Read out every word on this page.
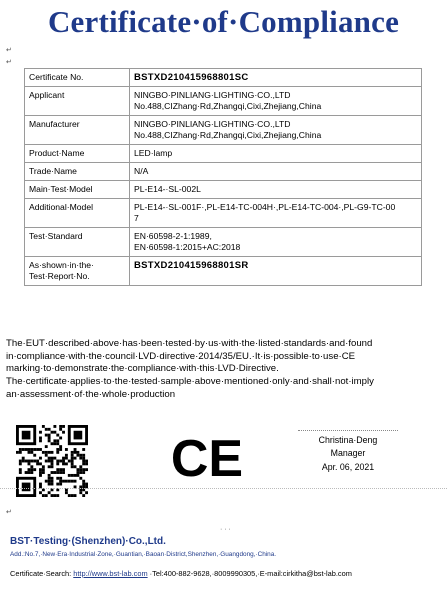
Certificate·of·Compliance
↵
↵
Certificate No.	BSTXD210415968801SC
Applicant	NINGBO·PINLIANG·LIGHTING·CO.,LTD
No.488,CIZhang·Rd,Zhangqi,Cixi,Zhejiang,China

Manufacturer	NINGBO·PINLIANG·LIGHTING·CO.,LTD
No.488,CIZhang·Rd,Zhangqi,Cixi,Zhejiang,China

Product·Name	LED·lamp
Trade·Name	N/A
Main·Test·Model	PL-E14-·SL-002L
Additional·Model	PL-E14-·SL-001F·,PL-E14-TC-004H·,PL-E14-TC-004·,PL-G9-TC-00
7

Test·Standard	EN·60598-2-1:1989,
EN·60598-1:2015+AC:2018

As·shown·in·the· Test·Report·No.	BSTXD210415968801SR
The·EUT·described·above·has·been·tested·by·us·with·the·listed·standards·and·found
in·compliance·with·the·council·LVD·directive·2014/35/EU.·It·is·possible·to·use·CE
marking·to·demonstrate·the·compliance·with·this·LVD·Directive.
The·certificate·applies·to·the·tested·sample·above·mentioned·only·and·shall·not·imply
an·assessment·of·the·whole·production
CE	Christina·Deng
Manager
Apr. 06, 2021
↵
· · ·
BST·Testing·(Shenzhen)·Co.,Ltd.
Add.:No.7,·New·Era·Industrial·Zone,·Guantian,·Baoan·District,Shenzhen,·Guangdong,·China.
Certificate·Search: http://www.bst-lab.com ·Tel:400-882-9628,·8009990305,·E-mail:cirkitha@bst-lab.com
